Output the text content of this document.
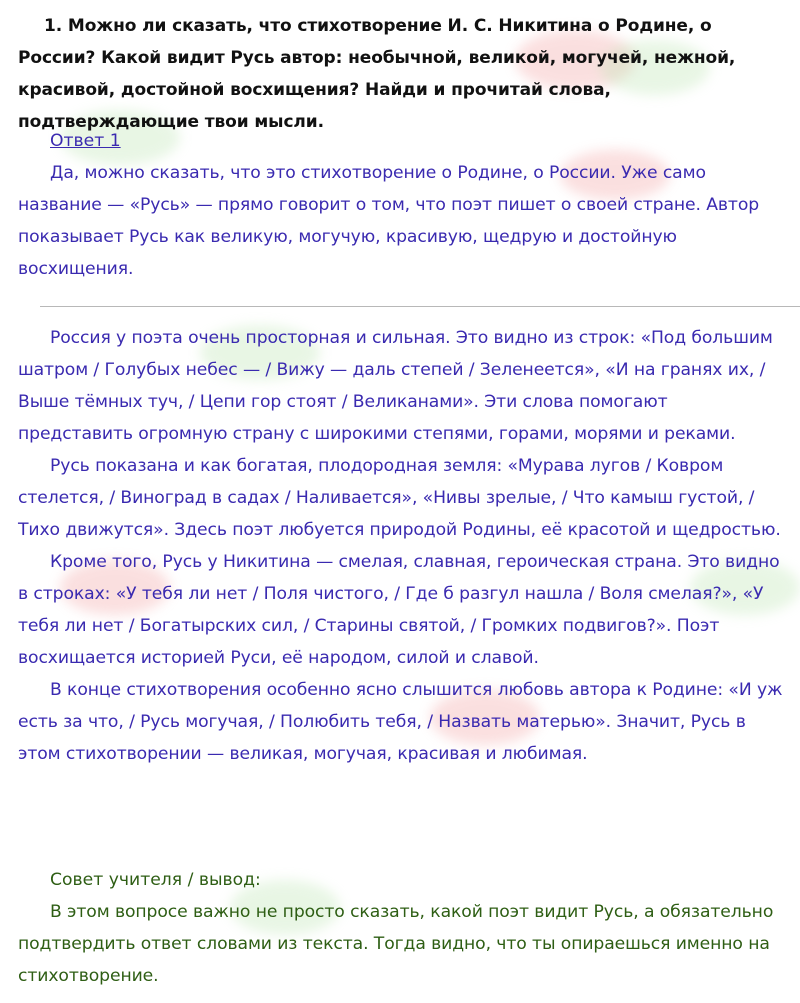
1. Можно ли сказать, что стихотворение И. С. Никитина о Родине, о России? Какой видит Русь автор: необычной, великой, могучей, нежной, красивой, достойной восхищения? Найди и прочитай слова, подтверждающие твои мысли.

Ответ 1

Да, можно сказать, что это стихотворение о Родине, о России. Уже само название — «Русь» — прямо говорит о том, что поэт пишет о своей стране. Автор показывает Русь как великую, могучую, красивую, щедрую и достойную восхищения.

Россия у поэта очень просторная и сильная. Это видно из строк: «Под большим шатром / Голубых небес — / Вижу — даль степей / Зеленеется», «И на гранях их, / Выше тёмных туч, / Цепи гор стоят / Великанами». Эти слова помогают представить огромную страну с широкими степями, горами, морями и реками.

Русь показана и как богатая, плодородная земля: «Мурава лугов / Ковром стелется, / Виноград в садах / Наливается», «Нивы зрелые, / Что камыш густой, / Тихо движутся». Здесь поэт любуется природой Родины, её красотой и щедростью.

Кроме того, Русь у Никитина — смелая, славная, героическая страна. Это видно в строках: «У тебя ли нет / Поля чистого, / Где б разгул нашла / Воля смелая?», «У тебя ли нет / Богатырских сил, / Старины святой, / Громких подвигов?». Поэт восхищается историей Руси, её народом, силой и славой.

В конце стихотворения особенно ясно слышится любовь автора к Родине: «И уж есть за что, / Русь могучая, / Полюбить тебя, / Назвать матерью». Значит, Русь в этом стихотворении — великая, могучая, красивая и любимая.

Совет учителя / вывод:

В этом вопросе важно не просто сказать, какой поэт видит Русь, а обязательно подтвердить ответ словами из текста. Тогда видно, что ты опираешься именно на стихотворение.
